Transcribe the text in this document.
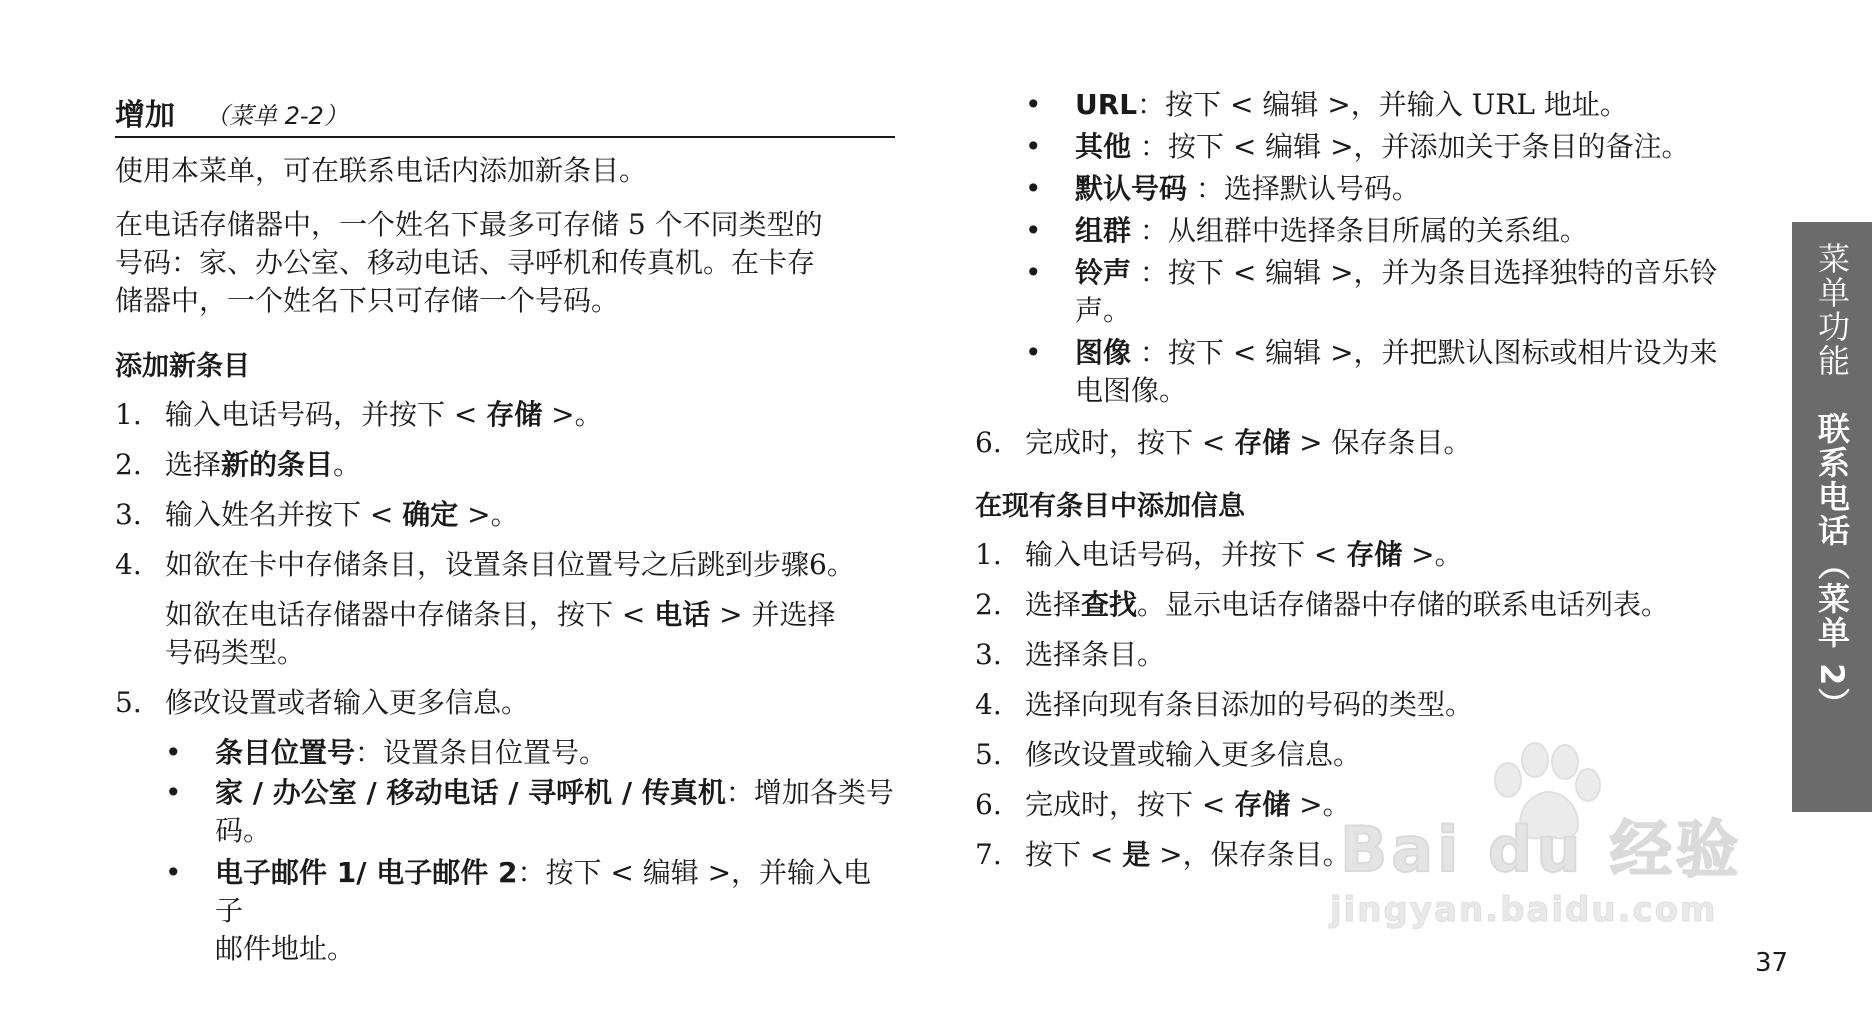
增加 （菜单 2-2）
使用本菜单，可在联系电话内添加新条目。
在电话存储器中，一个姓名下最多可存储 5 个不同类型的
号码：家、办公室、移动电话、寻呼机和传真机。在卡存
储器中，一个姓名下只可存储一个号码。
添加新条目
1. 输入电话号码，并按下 < 存储 >。
2. 选择新的条目。
3. 输入姓名并按下 < 确定 >。
4. 如欲在卡中存储条目，设置条目位置号之后跳到步骤6。
如欲在电话存储器中存储条目，按下 < 电话 > 并选择
号码类型。
5. 修改设置或者输入更多信息。
• 条目位置号：设置条目位置号。
• 家 / 办公室 / 移动电话 / 寻呼机 / 传真机：增加各类号
码。
• 电子邮件 1/ 电子邮件 2：按下 < 编辑 >，并输入电子
邮件地址。
• URL：按下 < 编辑 >，并输入 URL 地址。
• 其他 ：按下 < 编辑 >，并添加关于条目的备注。
• 默认号码 ：选择默认号码。
• 组群 ：从组群中选择条目所属的关系组。
• 铃声 ：按下 < 编辑 >，并为条目选择独特的音乐铃
声。
• 图像 ：按下 < 编辑 >，并把默认图标或相片设为来
电图像。
6. 完成时，按下 < 存储 > 保存条目。
在现有条目中添加信息
1. 输入电话号码，并按下 < 存储 >。
2. 选择查找。显示电话存储器中存储的联系电话列表。
3. 选择条目。
4. 选择向现有条目添加的号码的类型。
5. 修改设置或输入更多信息。
6. 完成时，按下 < 存储 >。
7. 按下 < 是 >，保存条目。
菜单功能　联系电话（菜单 2）
Bai du 经验
jingyan.baidu.com
37
